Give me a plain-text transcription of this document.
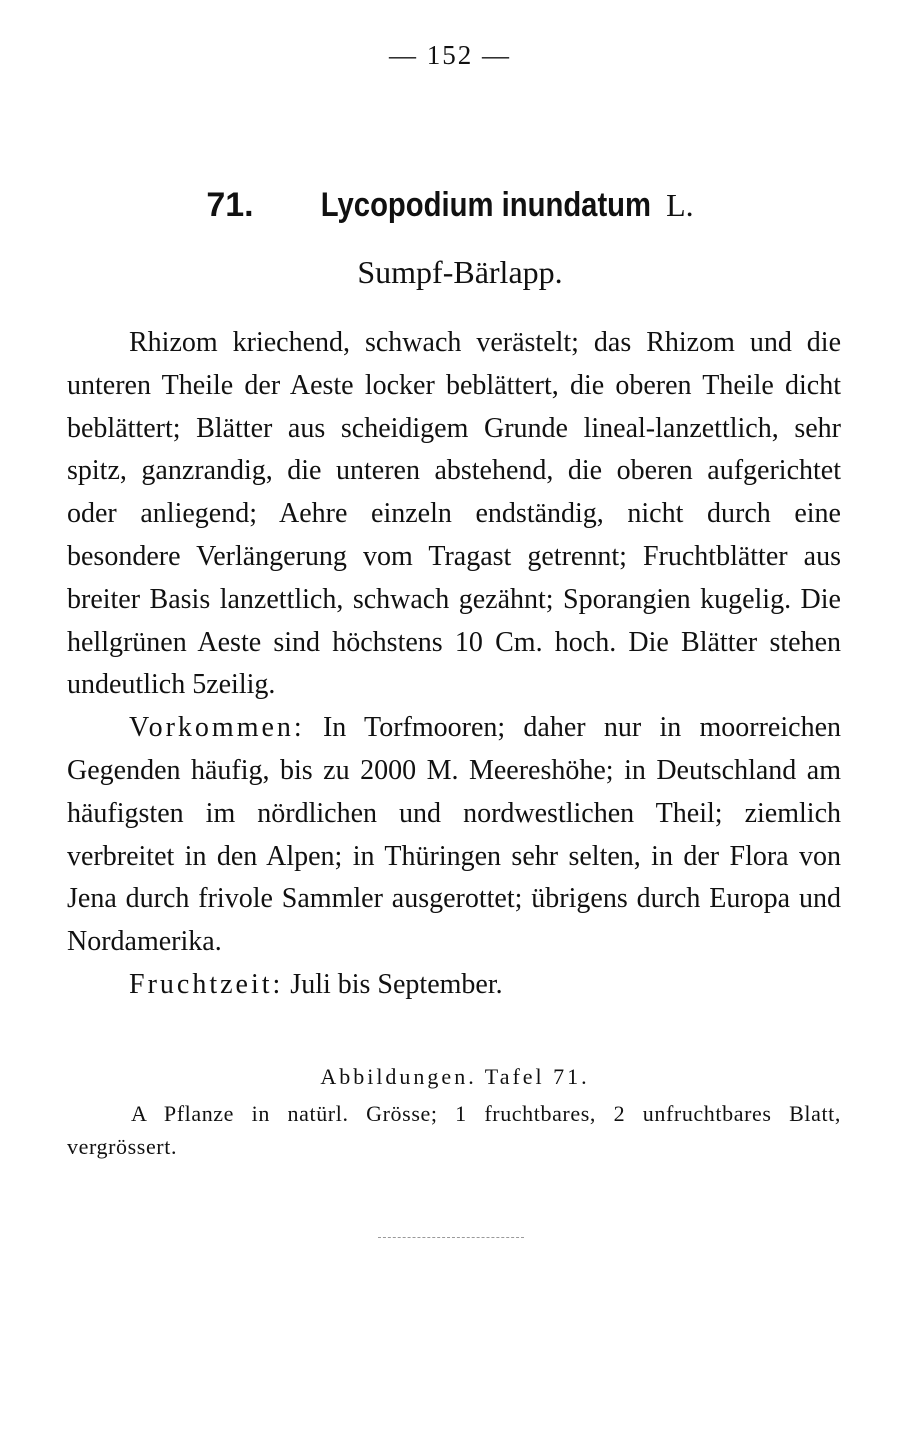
— 152 —
71. Lycopodium inundatum L.
Sumpf-Bärlapp.

Rhizom kriechend, schwach verästelt; das Rhizom und die unteren Theile der Aeste locker beblättert, die oberen Theile dicht beblättert; Blätter aus scheidigem Grunde lineal-lanzettlich, sehr spitz, ganzrandig, die unteren abstehend, die oberen aufgerichtet oder anliegend; Aehre einzeln endständig, nicht durch eine besondere Verlängerung vom Tragast getrennt; Fruchtblätter aus breiter Basis lanzettlich, schwach gezähnt; Sporangien kugelig. Die hellgrünen Aeste sind höchstens 10 Cm. hoch. Die Blätter stehen undeutlich 5zeilig.

Vorkommen: In Torfmooren; daher nur in moorreichen Gegenden häufig, bis zu 2000 M. Meereshöhe; in Deutschland am häufigsten im nördlichen und nordwestlichen Theil; ziemlich verbreitet in den Alpen; in Thüringen sehr selten, in der Flora von Jena durch frivole Sammler ausgerottet; übrigens durch Europa und Nordamerika.

Fruchtzeit: Juli bis September.

Abbildungen. Tafel 71.
A Pflanze in natürl. Grösse; 1 fruchtbares, 2 unfruchtbares Blatt, vergrössert.
